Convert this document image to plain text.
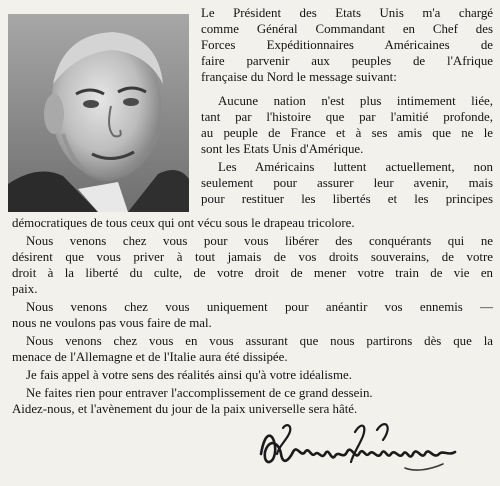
Le Président des Etats Unis m'a chargé
comme Général Commandant en Chef des
Forces Expéditionnaires Américaines de
faire parvenir aux peuples de l'Afrique
française du Nord le message suivant:
Aucune nation n'est plus intimement liée,
tant par l'histoire que par l'amitié profonde,
au peuple de France et à ses amis que ne le
sont les Etats Unis d'Amérique.
Les Américains luttent actuellement, non
seulement pour assurer leur avenir, mais
pour restituer les libertés et les principes
démocratiques de tous ceux qui ont vécu sous le drapeau tricolore.
Nous venons chez vous pour vous libérer des conquérants qui ne
désirent que vous priver à tout jamais de vos droits souverains, de votre
droit à la liberté du culte, de votre droit de mener votre train de vie en
paix.
Nous venons chez vous uniquement pour anéantir vos ennemis —
nous ne voulons pas vous faire de mal.
Nous venons chez vous en vous assurant que nous partirons dès que la
menace de l'Allemagne et de l'Italie aura été dissipée.
Je fais appel à votre sens des réalités ainsi qu'à votre idéalisme.
Ne faites rien pour entraver l'accomplissement de ce grand dessein.
Aidez-nous, et l'avènement du jour de la paix universelle sera hâté.
